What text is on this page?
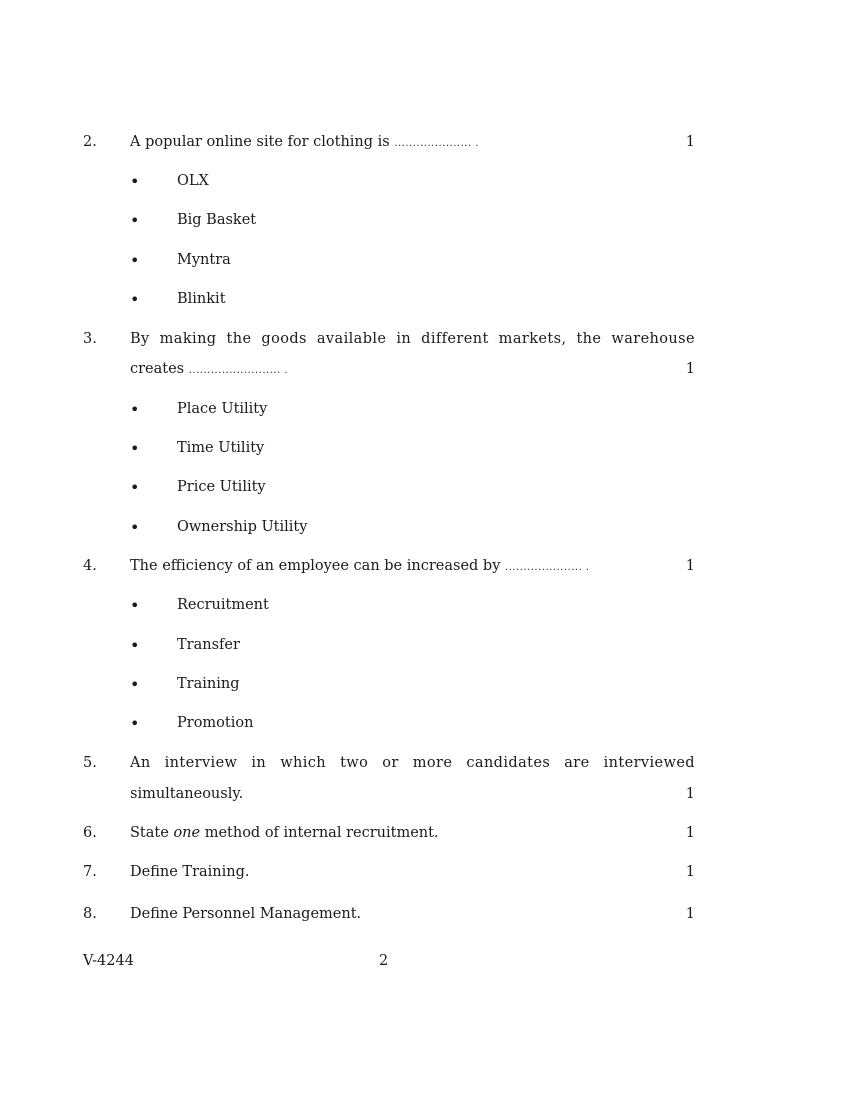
2. A popular online site for clothing is ..................... .	1
•	OLX
•	Big Basket
•	Myntra
•	Blinkit
3. By making the goods available in different markets, the warehouse
creates ......................... .	1
•	Place Utility
•	Time Utility
•	Price Utility
•	Ownership Utility
4. The efficiency of an employee can be increased by ..................... .	1
•	Recruitment
•	Transfer
•	Training
•	Promotion
5. An interview in which two or more candidates are interviewed
simultaneously.	1
6. State one method of internal recruitment.	1
7. Define Training.	1
8. Define Personnel Management.	1
V-4244	2
